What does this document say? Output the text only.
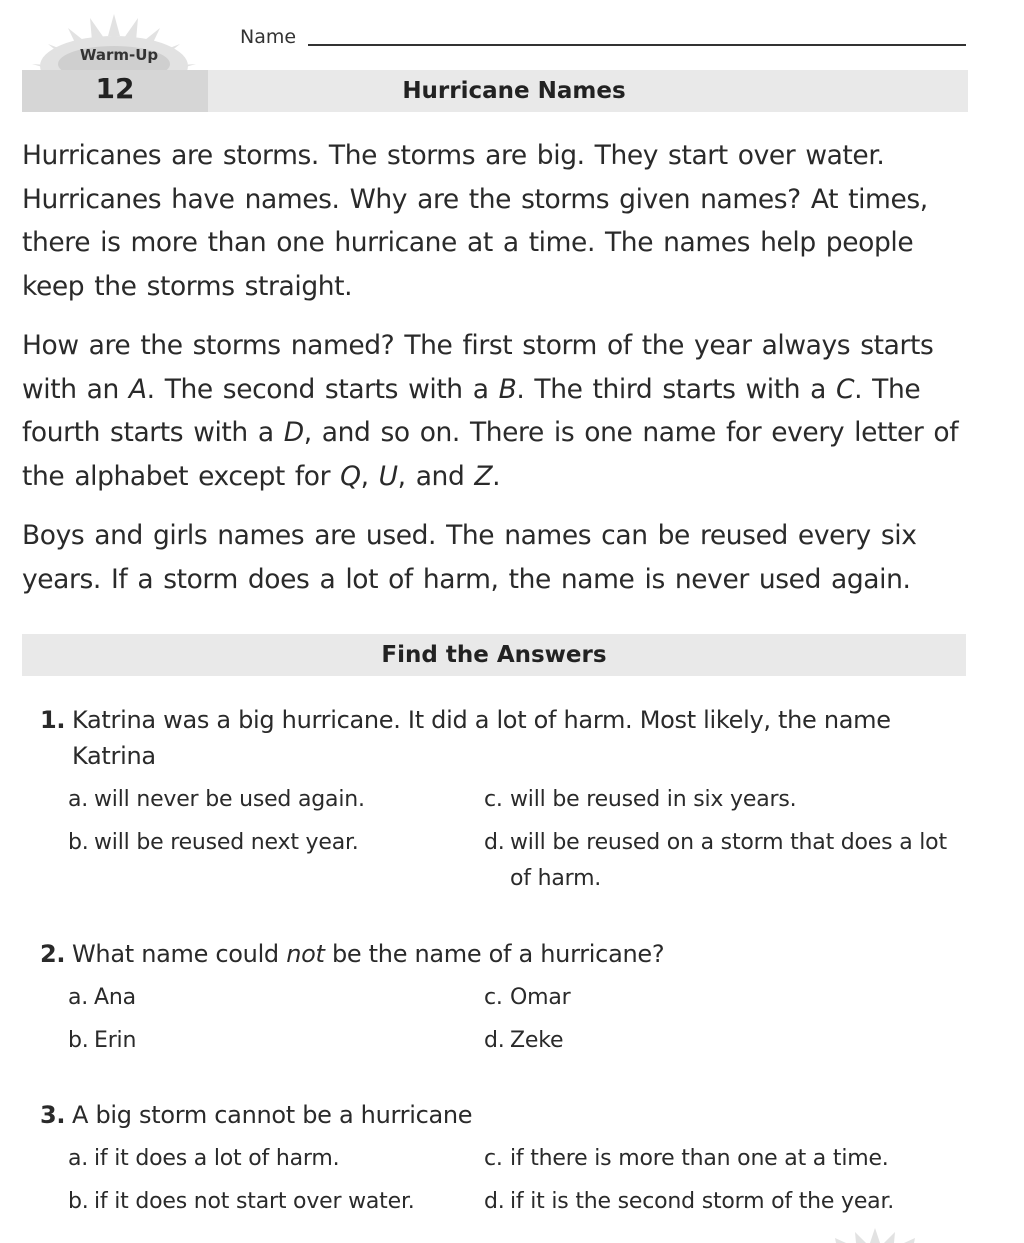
Warm-Up
Name
12	Hurricane Names

Hurricanes are storms. The storms are big. They start over water. Hurricanes have names. Why are the storms given names? At times, there is more than one hurricane at a time. The names help people keep the storms straight.

How are the storms named? The first storm of the year always starts with an A. The second starts with a B. The third starts with a C. The fourth starts with a D, and so on. There is one name for every letter of the alphabet except for Q, U, and Z.

Boys and girls names are used. The names can be reused every six years. If a storm does a lot of harm, the name is never used again.

Find the Answers
1. Katrina was a big hurricane. It did a lot of harm. Most likely, the name Katrina
a. will never be used again.
b. will be reused next year.
c. will be reused in six years.
d. will be reused on a storm that does a lot of harm.
2. What name could not be the name of a hurricane?
a. Ana
b. Erin
c. Omar
d. Zeke
3. A big storm cannot be a hurricane
a. if it does a lot of harm.
b. if it does not start over water.
c. if there is more than one at a time.
d. if it is the second storm of the year.
